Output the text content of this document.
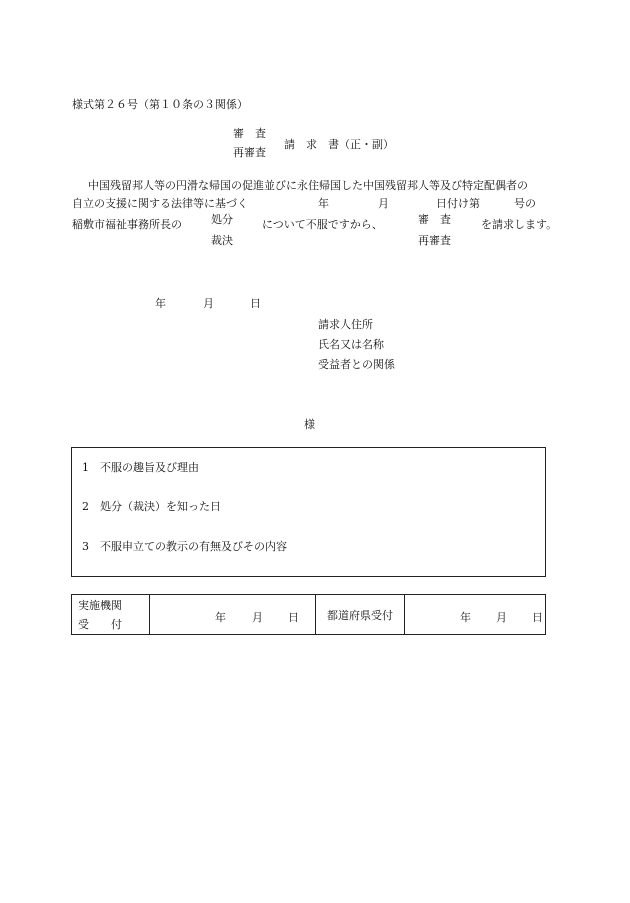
様式第２６号（第１０条の３関係）
審　査
再審査
請　求　書（正・副）
中国残留邦人等の円滑な帰国の促進並びに永住帰国した中国残留邦人等及び特定配偶者の
自立の支援に関する法律等に基づく	年	月	日付け第	号の
稲敷市福祉事務所長の	処分
裁決
について不服ですから、	審　査
再審査
を請求します。
年	月	日
請求人住所
氏名又は名称
受益者との関係
様
1　不服の趣旨及び理由
2　処分（裁決）を知った日
3　不服申立ての教示の有無及びその内容
実施機関
受　　付	年 月 日	都道府県受付	年 月 日
